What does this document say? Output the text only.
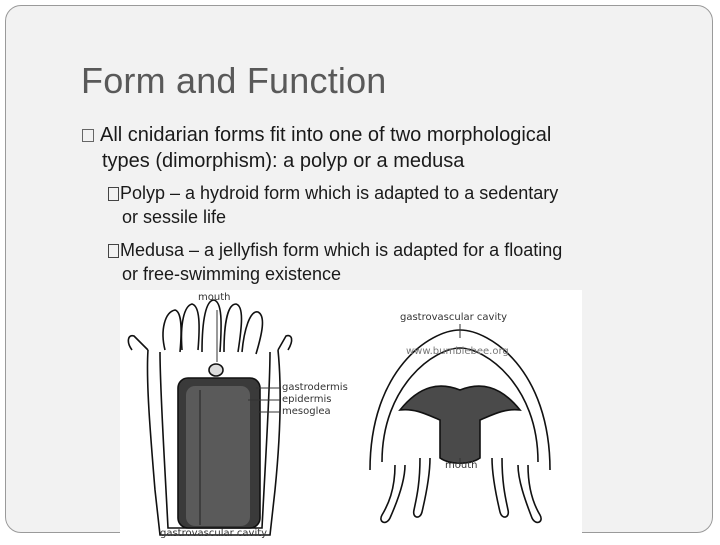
Form and Function
All cnidarian forms fit into one of two morphological
types (dimorphism): a polyp or a medusa
Polyp – a hydroid form which is adapted to a sedentary
or sessile life
Medusa – a jellyfish form which is adapted for a floating
or free-swimming existence
mouth
gastrodermis
epidermis
mesoglea
gastrovascular cavity
gastrovascular cavity
www.bumblebee.org
mouth
